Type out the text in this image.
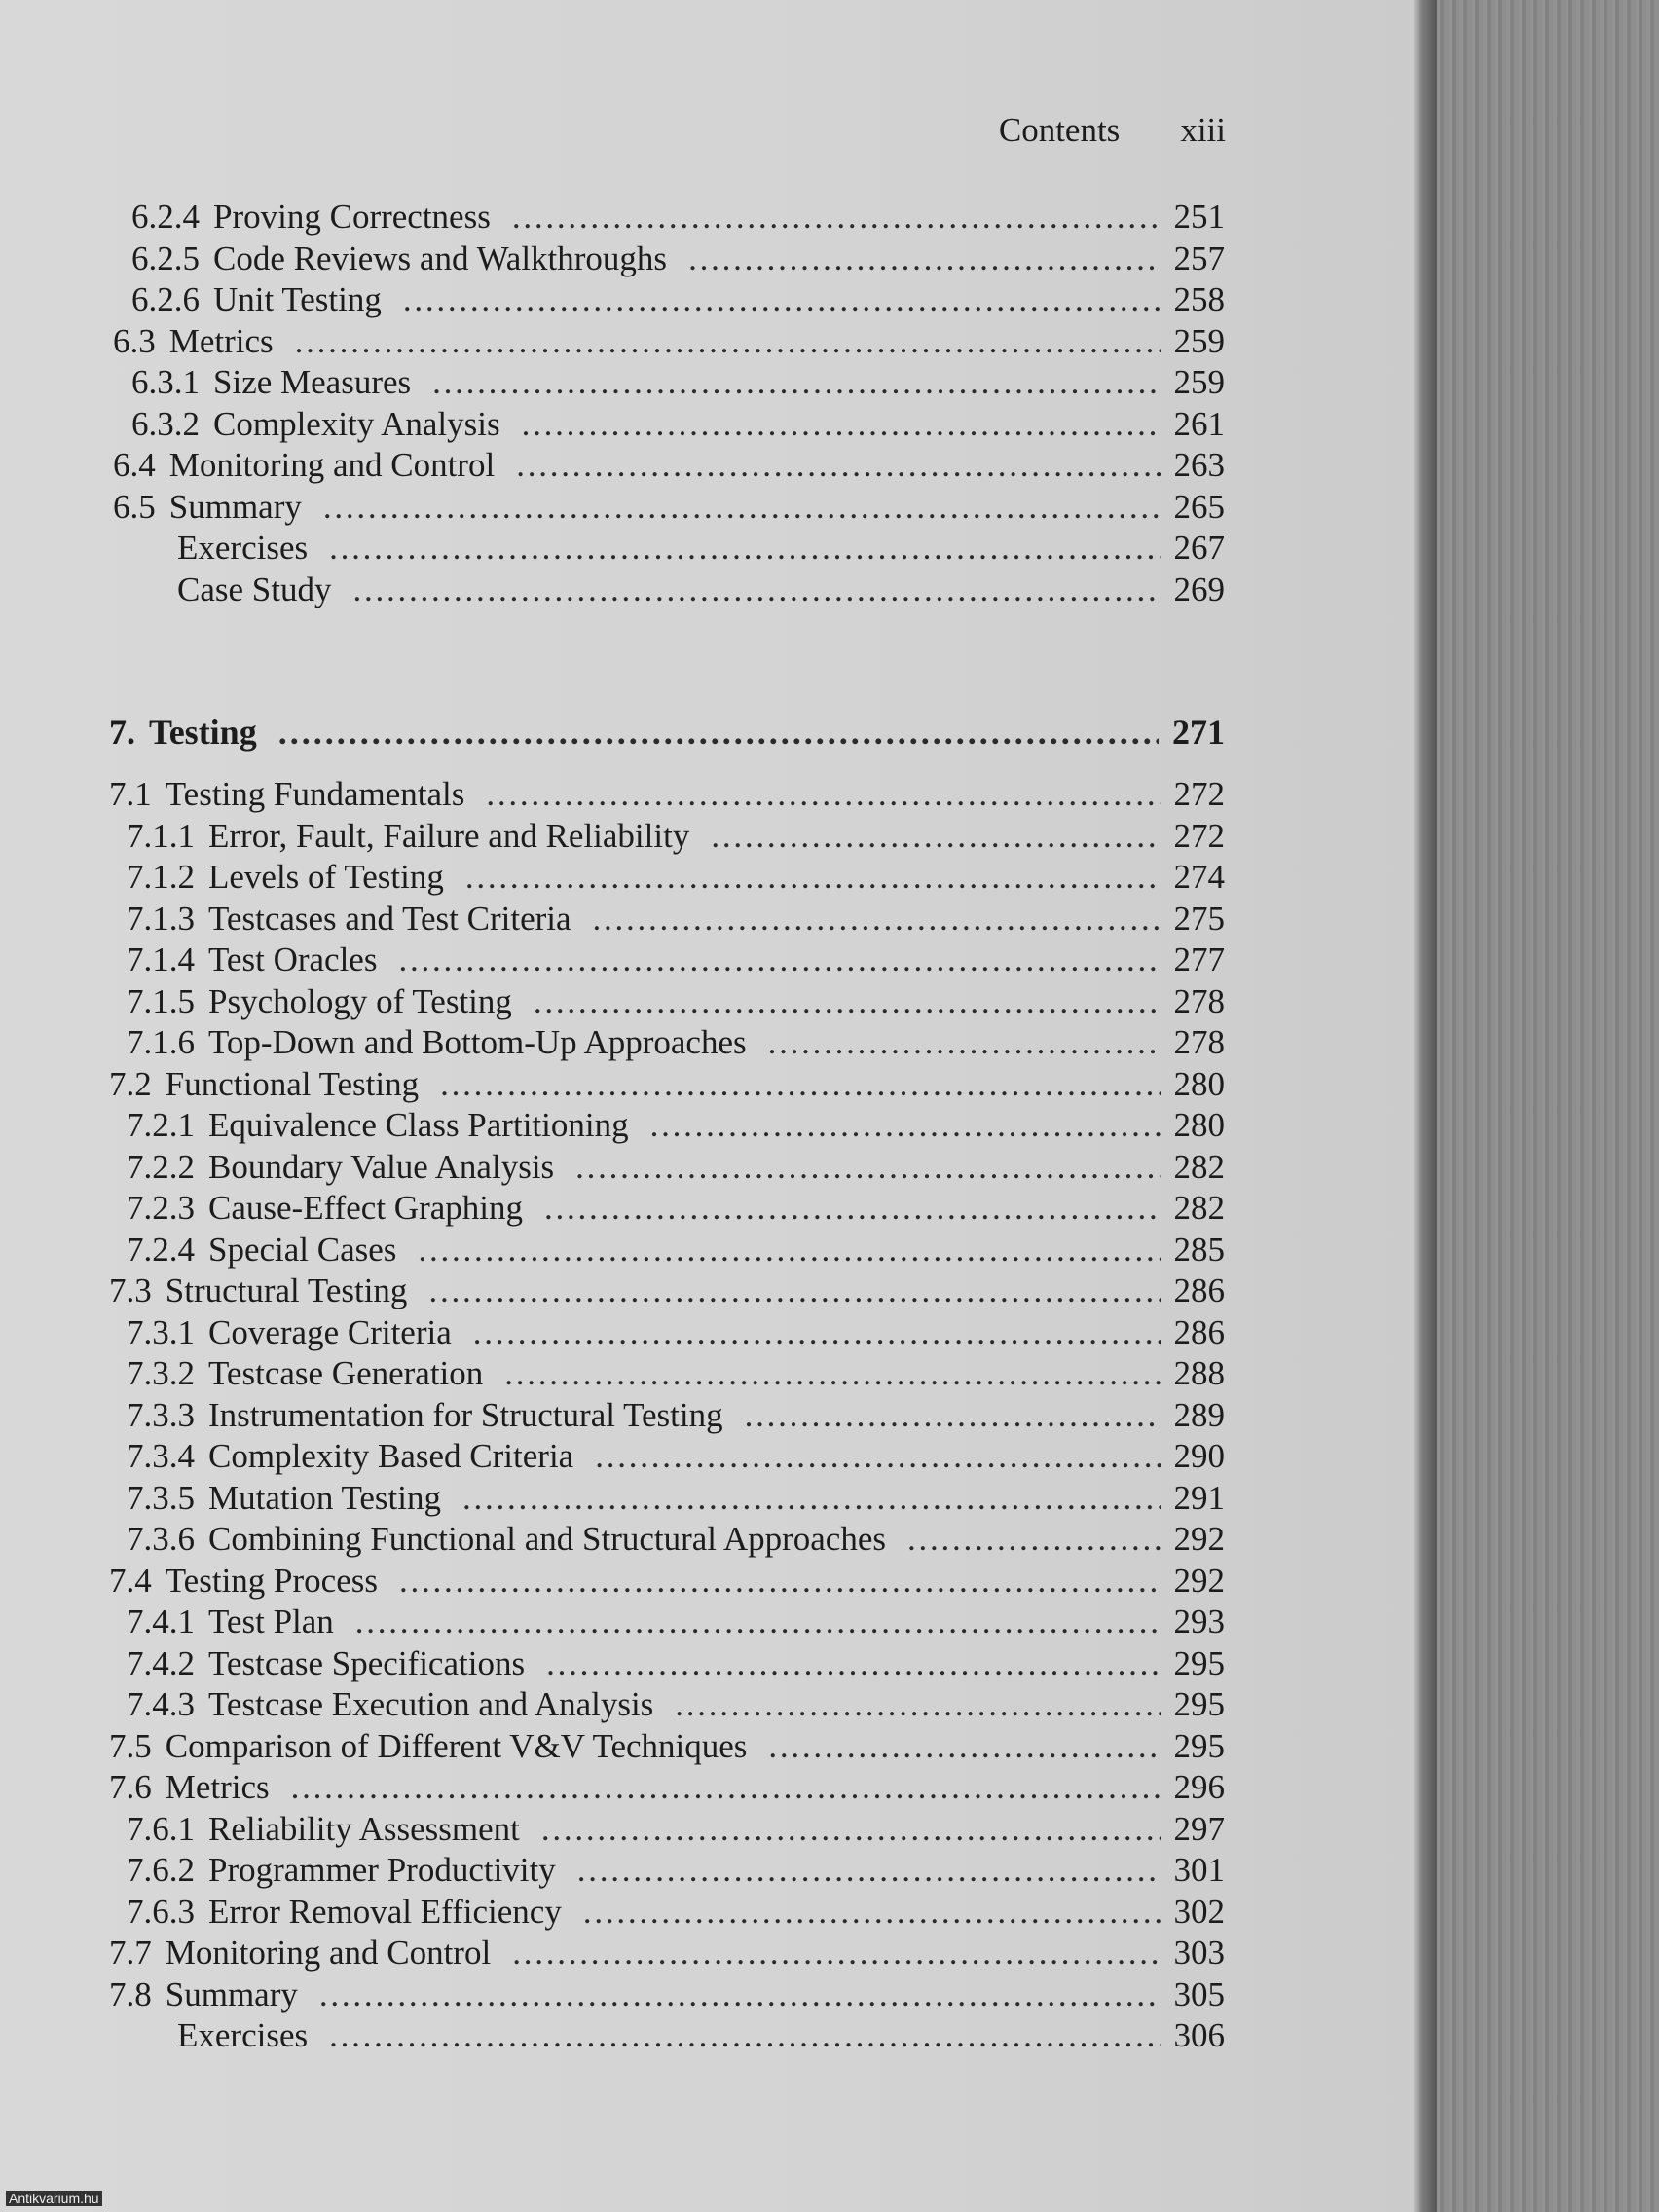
Contents xiii
6.2.4 Proving Correctness . . .	251
6.2.5 Code Reviews and Walkthroughs . . .	257
6.2.6 Unit Testing . . .	258
6.3 Metrics . . .	259
6.3.1 Size Measures . . .	259
6.3.2 Complexity Analysis . . .	261
6.4 Monitoring and Control . . .	263
6.5 Summary . . .	265
Exercises . . .	267
Case Study . . .	269
7. Testing . . .	271
7.1 Testing Fundamentals . . .	272
7.1.1 Error, Fault, Failure and Reliability . . .	272
7.1.2 Levels of Testing . . .	274
7.1.3 Testcases and Test Criteria . . .	275
7.1.4 Test Oracles . . .	277
7.1.5 Psychology of Testing . . .	278
7.1.6 Top-Down and Bottom-Up Approaches . . .	278
7.2 Functional Testing . . .	280
7.2.1 Equivalence Class Partitioning . . .	280
7.2.2 Boundary Value Analysis . . .	282
7.2.3 Cause-Effect Graphing . . .	282
7.2.4 Special Cases . . .	285
7.3 Structural Testing . . .	286
7.3.1 Coverage Criteria . . .	286
7.3.2 Testcase Generation . . .	288
7.3.3 Instrumentation for Structural Testing . . .	289
7.3.4 Complexity Based Criteria . . .	290
7.3.5 Mutation Testing . . .	291
7.3.6 Combining Functional and Structural Approaches . . .	292
7.4 Testing Process . . .	292
7.4.1 Test Plan . . .	293
7.4.2 Testcase Specifications . . .	295
7.4.3 Testcase Execution and Analysis . . .	295
7.5 Comparison of Different V&V Techniques . . .	295
7.6 Metrics . . .	296
7.6.1 Reliability Assessment . . .	297
7.6.2 Programmer Productivity . . .	301
7.6.3 Error Removal Efficiency . . .	302
7.7 Monitoring and Control . . .	303
7.8 Summary . . .	305
Exercises . . .	306
Antikvarium.hu
